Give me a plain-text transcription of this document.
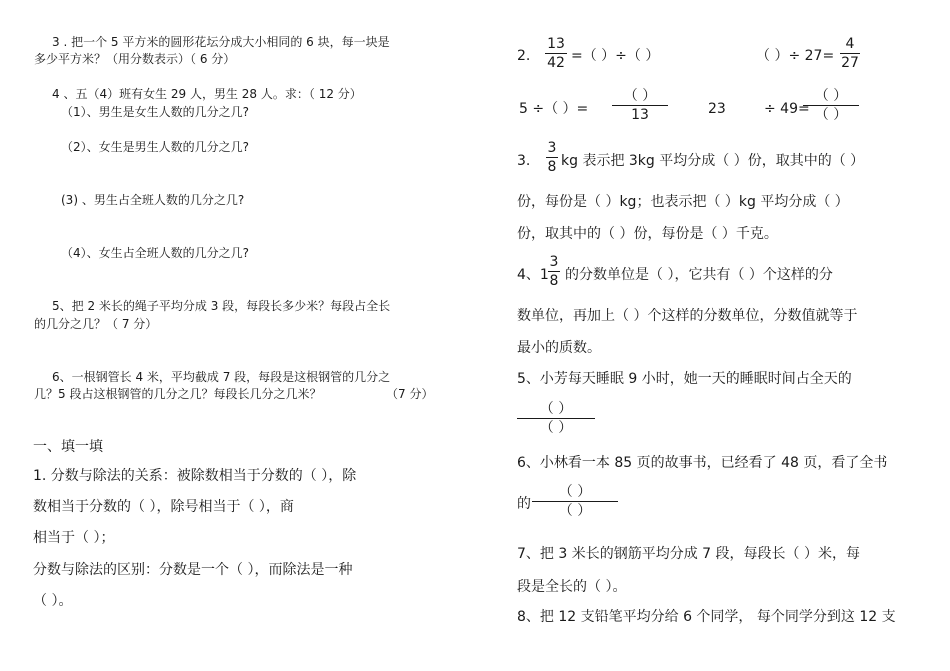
3 . 把一个 5 平方米的圆形花坛分成大小相同的 6 块，每一块是
多少平方米？（用分数表示）（ 6 分）
4 、五（4）班有女生 29 人，男生 28 人。求：（ 12 分）
（1）、男生是女生人数的几分之几?
（2）、女生是男生人数的几分之几?
(3) 、男生占全班人数的几分之几?
（4）、女生占全班人数的几分之几?
5、把 2 米长的绳子平均分成 3 段，每段长多少米？每段占全长
的几分之几？（ 7 分）
6、一根钢管长 4 米，平均截成 7 段，每段是这根钢管的几分之
几？5 段占这根钢管的几分之几？每段长几分之几米？	（7 分）
一、填一填
1. 分数与除法的关系：被除数相当于分数的（ ），除
数相当于分数的（ ），除号相当于（ ），商
相当于（ ）；
分数与除法的区别：分数是一个（ ），而除法是一种
（ ）。
2.
13
42 =（ ）÷（ ）	（ ）÷ 27=
4
27
5 ÷（ ）=
（ ）
13	23	÷ 49=
（ ）
（ ）
3.
3
8 kg 表示把 3kg 平均分成（ ）份，取其中的（ ）
份，每份是（ ）kg；也表示把（ ）kg 平均分成（ ）
份，取其中的（ ）份，每份是（ ）千克。
4、1
3
8 的分数单位是（ ），它共有（ ）个这样的分
数单位，再加上（ ）个这样的分数单位，分数值就等于
最小的质数。
5、小芳每天睡眠 9 小时，她一天的睡眠时间占全天的
（ ）
（ ）
6、小林看一本 85 页的故事书，已经看了 48 页，看了全书
的
（ ）
（ ）
7、把 3 米长的钢筋平均分成 7 段，每段长（ ）米，每
段是全长的（ ）。
8、把 12 支铅笔平均分给 6 个同学， 每个同学分到这 12 支
